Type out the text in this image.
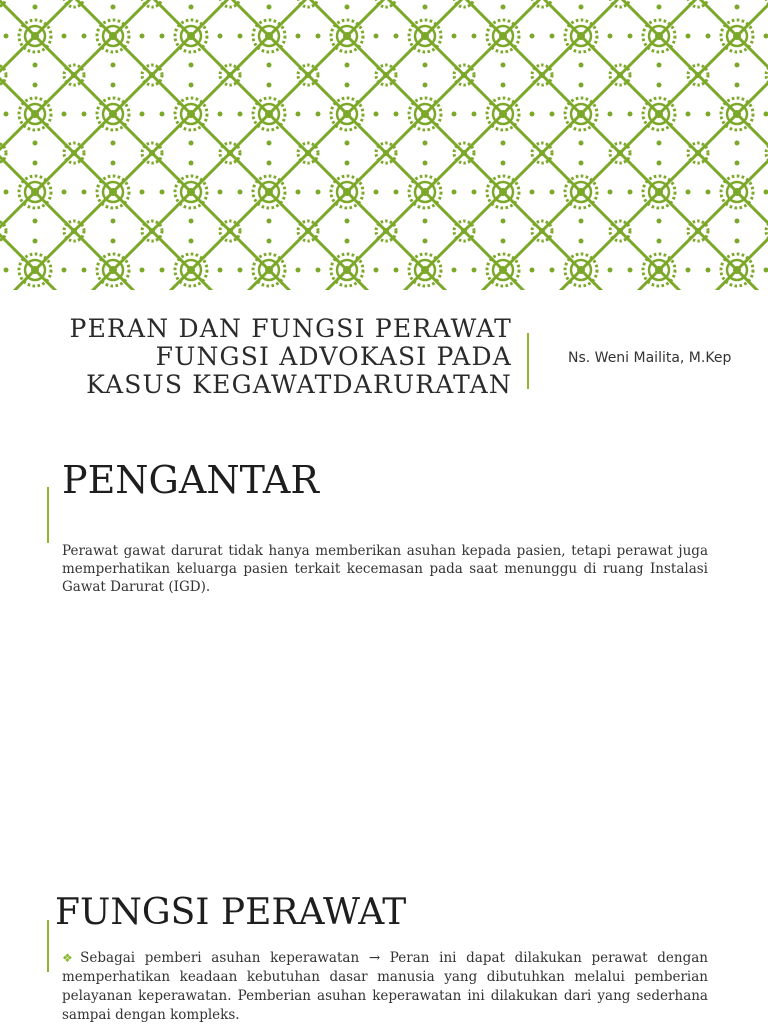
PERAN DAN FUNGSI PERAWAT
FUNGSI ADVOKASI PADA
KASUS KEGAWATDARURATAN
Ns. Weni Mailita, M.Kep
PENGANTAR
Perawat gawat darurat tidak hanya memberikan asuhan kepada pasien, tetapi perawat juga memperhatikan keluarga pasien terkait kecemasan pada saat menunggu di ruang Instalasi Gawat Darurat (IGD).
FUNGSI PERAWAT
❖ Sebagai pemberi asuhan keperawatan → Peran ini dapat dilakukan perawat dengan memperhatikan keadaan kebutuhan dasar manusia yang dibutuhkan melalui pemberian pelayanan keperawatan. Pemberian asuhan keperawatan ini dilakukan dari yang sederhana sampai dengan kompleks.
